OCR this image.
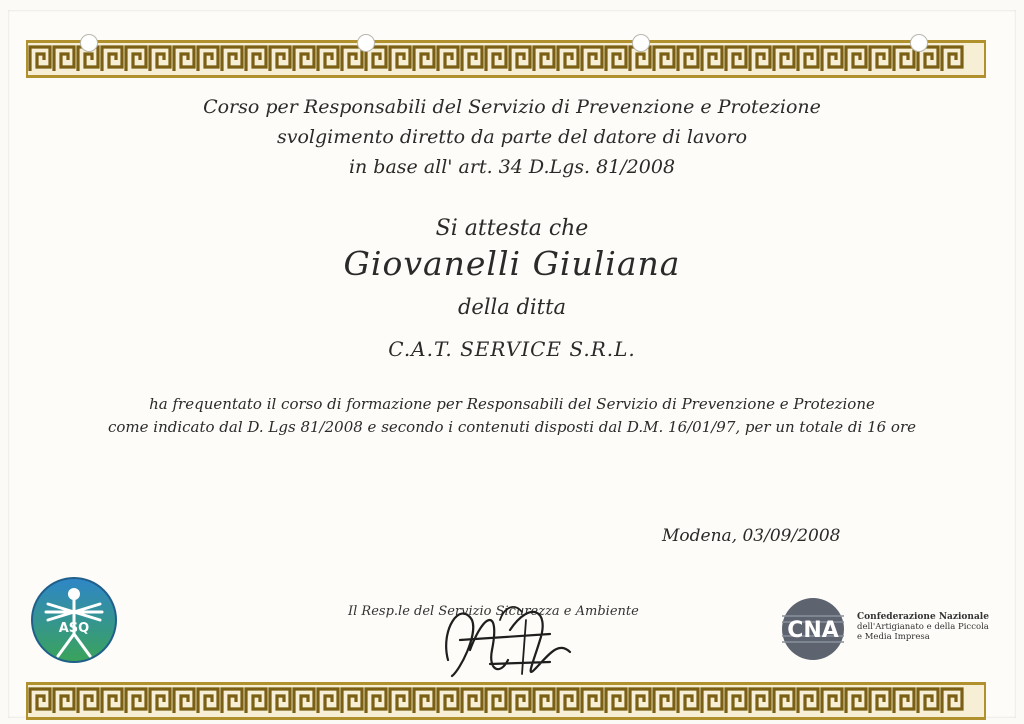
Corso per Responsabili del Servizio di Prevenzione e Protezione
svolgimento diretto da parte del datore di lavoro
in base all' art. 34 D.Lgs. 81/2008
Si attesta che
Giovanelli Giuliana
della ditta
C.A.T. SERVICE S.R.L.
ha frequentato il corso di formazione per Responsabili del Servizio di Prevenzione e Protezione
come indicato dal D. Lgs 81/2008 e secondo i contenuti disposti dal D.M. 16/01/97, per un totale di 16 ore
Modena, 03/09/2008
Il Resp.le del Servizio Sicurezza e Ambiente
ASQ	CNA
Confederazione Nazionale
dell'Artigianato e della Piccola
e Media Impresa
